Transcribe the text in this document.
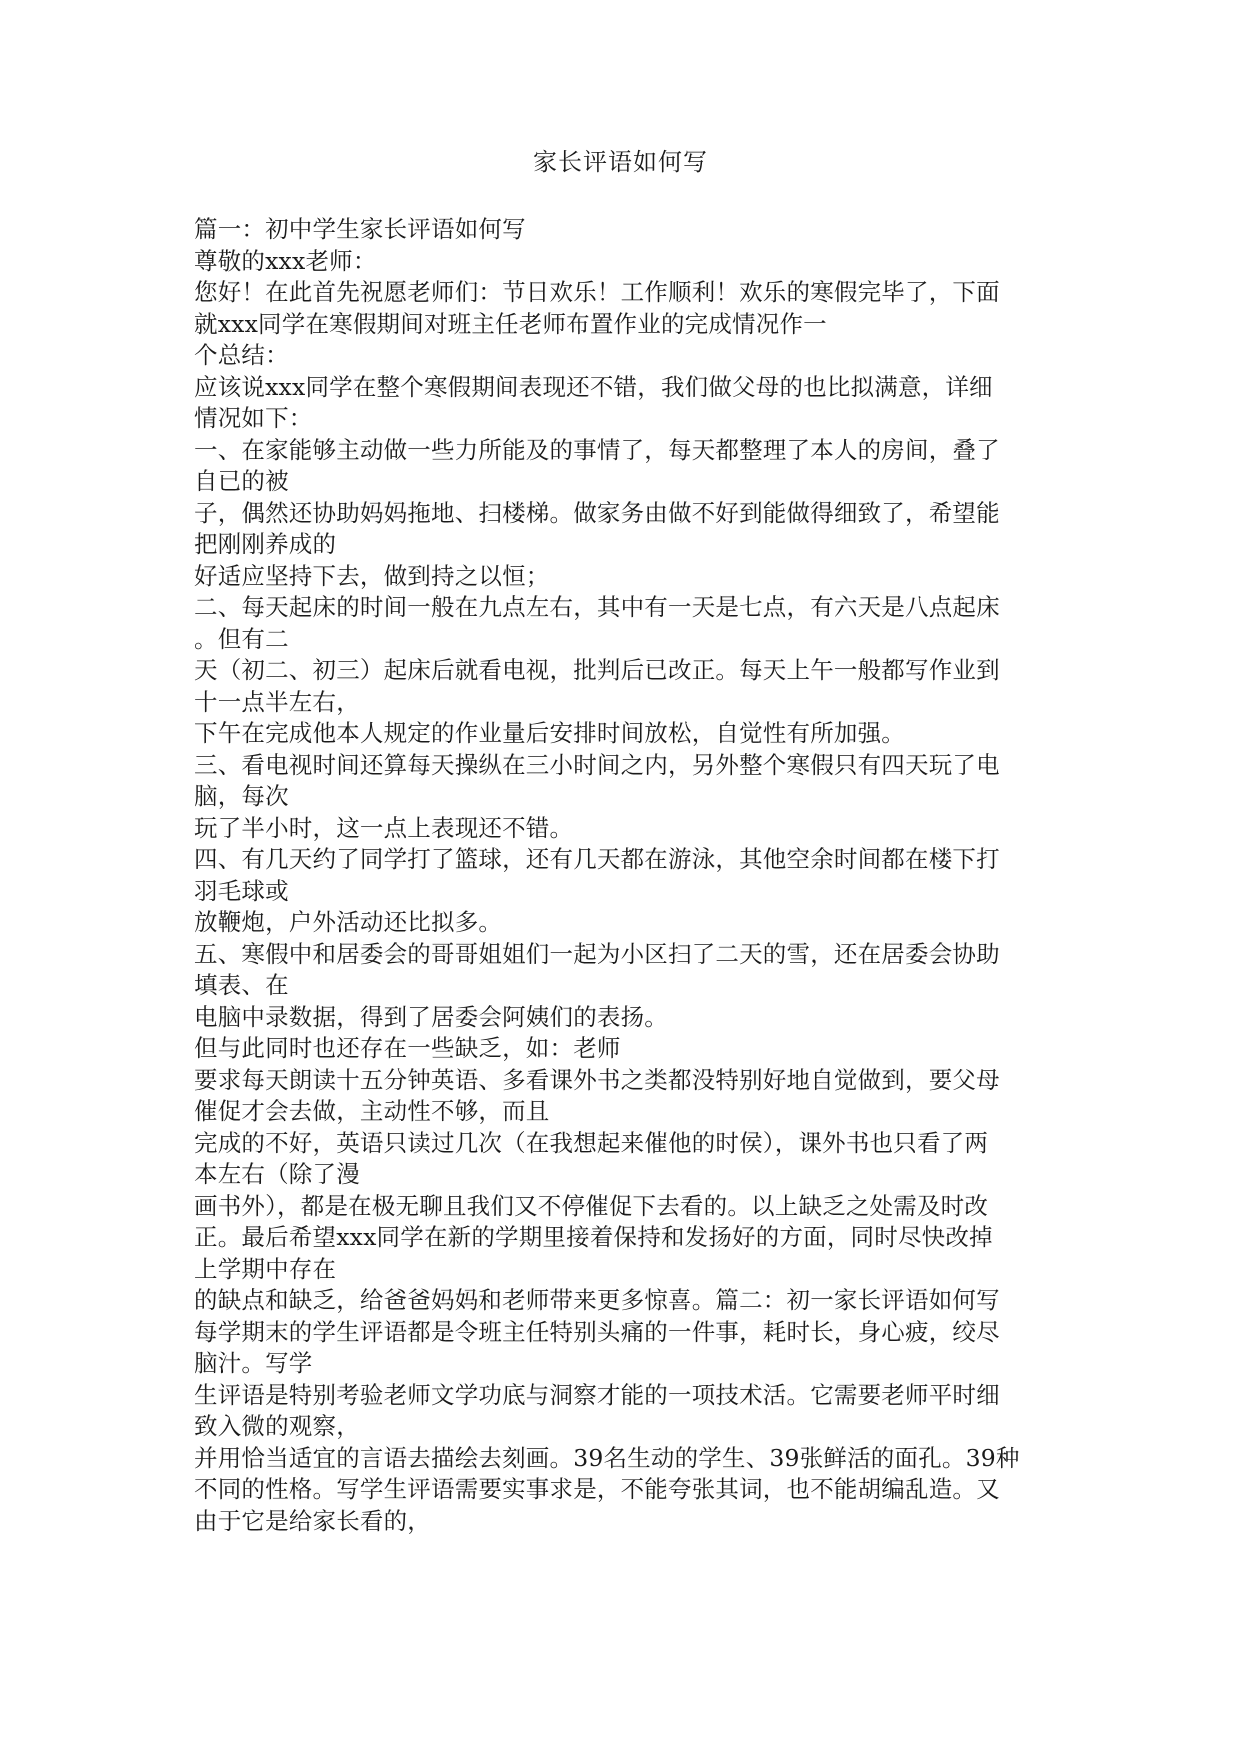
家长评语如何写
篇一：初中学生家长评语如何写
尊敬的xxx老师：
您好！在此首先祝愿老师们：节日欢乐！工作顺利！欢乐的寒假完毕了，下面
就xxx同学在寒假期间对班主任老师布置作业的完成情况作一
个总结：
应该说xxx同学在整个寒假期间表现还不错，我们做父母的也比拟满意，详细
情况如下：
一、在家能够主动做一些力所能及的事情了，每天都整理了本人的房间，叠了
自已的被
子，偶然还协助妈妈拖地、扫楼梯。做家务由做不好到能做得细致了，希望能
把刚刚养成的
好适应坚持下去，做到持之以恒；
二、每天起床的时间一般在九点左右，其中有一天是七点，有六天是八点起床
。但有二
天（初二、初三）起床后就看电视，批判后已改正。每天上午一般都写作业到
十一点半左右，
下午在完成他本人规定的作业量后安排时间放松，自觉性有所加强。
三、看电视时间还算每天操纵在三小时间之内，另外整个寒假只有四天玩了电
脑，每次
玩了半小时，这一点上表现还不错。
四、有几天约了同学打了篮球，还有几天都在游泳，其他空余时间都在楼下打
羽毛球或
放鞭炮，户外活动还比拟多。
五、寒假中和居委会的哥哥姐姐们一起为小区扫了二天的雪，还在居委会协助
填表、在
电脑中录数据，得到了居委会阿姨们的表扬。
但与此同时也还存在一些缺乏，如：老师
要求每天朗读十五分钟英语、多看课外书之类都没特别好地自觉做到，要父母
催促才会去做，主动性不够，而且
完成的不好，英语只读过几次（在我想起来催他的时侯），课外书也只看了两
本左右（除了漫
画书外），都是在极无聊且我们又不停催促下去看的。以上缺乏之处需及时改
正。最后希望xxx同学在新的学期里接着保持和发扬好的方面，同时尽快改掉
上学期中存在
的缺点和缺乏，给爸爸妈妈和老师带来更多惊喜。篇二：初一家长评语如何写
每学期末的学生评语都是令班主任特别头痛的一件事，耗时长，身心疲，绞尽
脑汁。写学
生评语是特别考验老师文学功底与洞察才能的一项技术活。它需要老师平时细
致入微的观察，
并用恰当适宜的言语去描绘去刻画。39名生动的学生、39张鲜活的面孔。39种
不同的性格。写学生评语需要实事求是，不能夸张其词，也不能胡编乱造。又
由于它是给家长看的，
